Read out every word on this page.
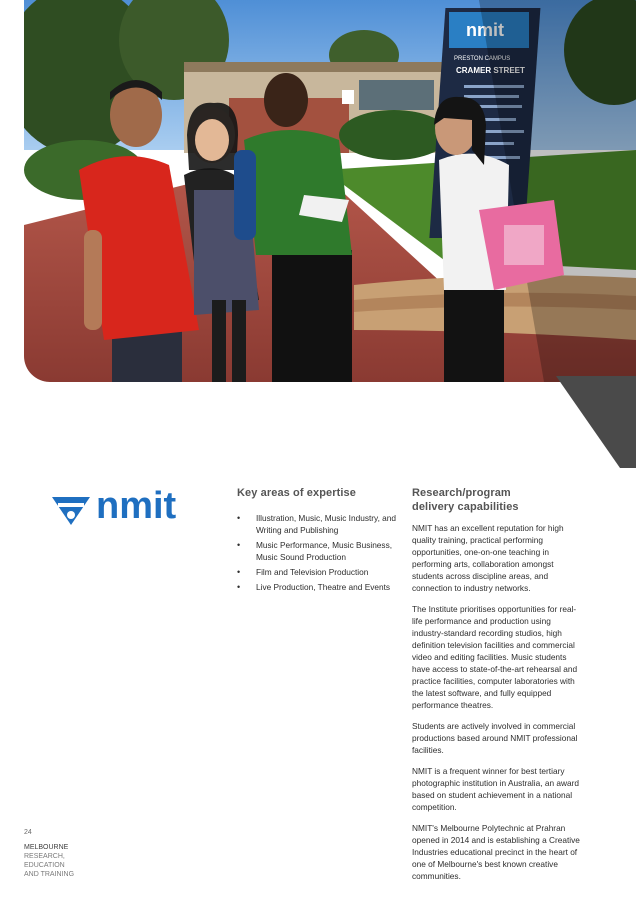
nmit
PRESTON CAMPUS
CRAMER STREET
nmit	Key areas of expertise
• Illustration, Music, Music Industry, and Writing and Publishing
• Music Performance, Music Business, Music Sound Production
• Film and Television Production
• Live Production, Theatre and Events
Research/program
delivery capabilities

NMIT has an excellent reputation for high quality training, practical performing opportunities, one-on-one teaching in performing arts, collaboration amongst students across discipline areas, and connection to industry networks.

The Institute prioritises opportunities for real-life performance and production using industry-standard recording studios, high definition television facilities and commercial video and editing facilities. Music students have access to state-of-the-art rehearsal and practice facilities, computer laboratories with the latest software, and fully equipped performance theatres.

Students are actively involved in commercial productions based around NMIT professional facilities.

NMIT is a frequent winner for best tertiary photographic institution in Australia, an award based on student achievement in a national competition.

NMIT's Melbourne Polytechnic at Prahran opened in 2014 and is establishing a Creative Industries educational precinct in the heart of one of Melbourne's best known creative communities.

24
MELBOURNE
RESEARCH,
EDUCATION
AND TRAINING
